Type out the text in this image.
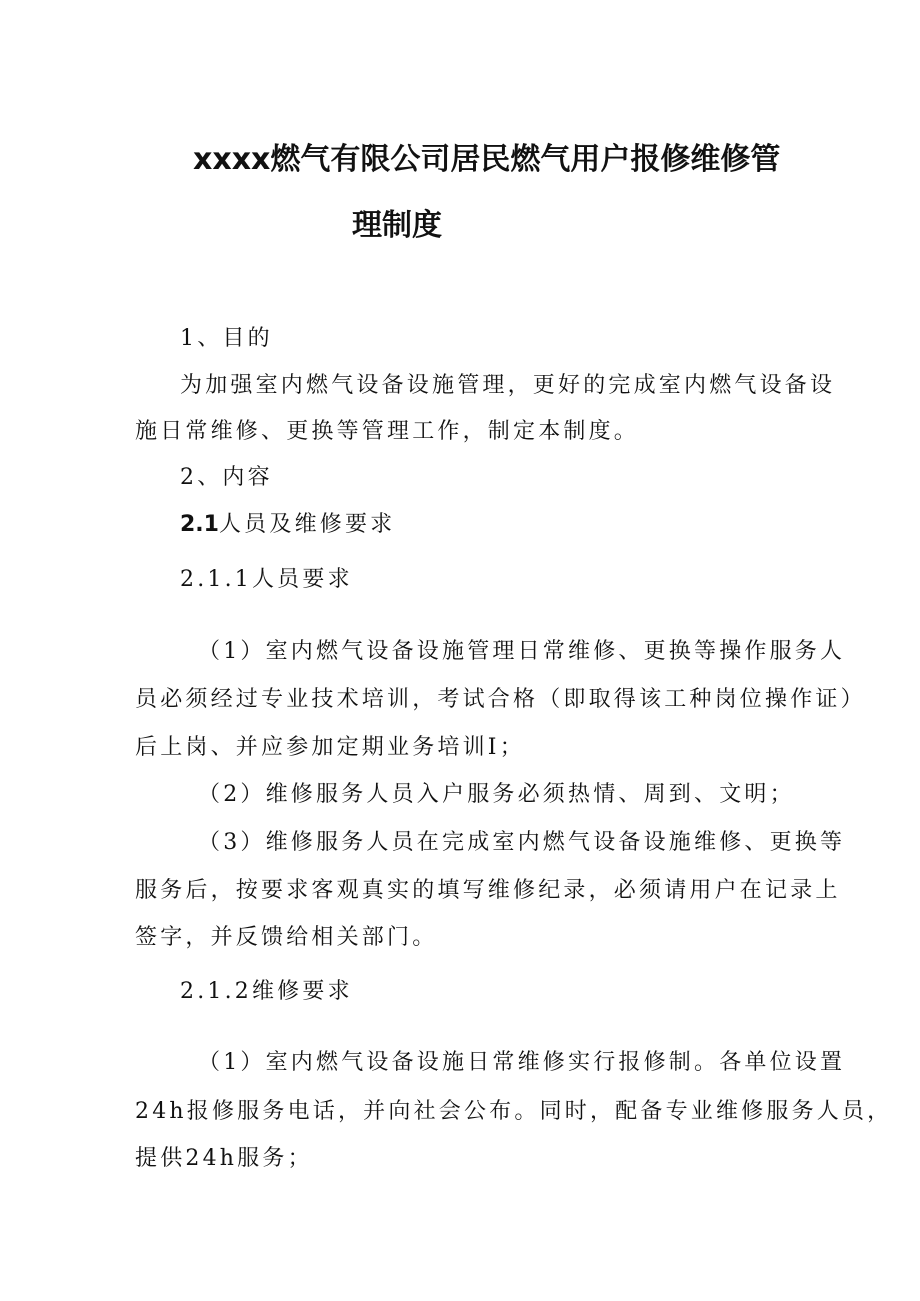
xxxx燃气有限公司居民燃气用户报修维修管
理制度
1、目的
为加强室内燃气设备设施管理，更好的完成室内燃气设备设
施日常维修、更换等管理工作，制定本制度。
2、内容
2.1人员及维修要求
2.1.1人员要求
（1）室内燃气设备设施管理日常维修、更换等操作服务人
员必须经过专业技术培训，考试合格（即取得该工种岗位操作证）
后上岗、并应参加定期业务培训I；
（2）维修服务人员入户服务必须热情、周到、文明；
（3）维修服务人员在完成室内燃气设备设施维修、更换等
服务后，按要求客观真实的填写维修纪录，必须请用户在记录上
签字，并反馈给相关部门。
2.1.2维修要求
（1）室内燃气设备设施日常维修实行报修制。各单位设置
24h报修服务电话，并向社会公布。同时，配备专业维修服务人员，
提供24h服务；
